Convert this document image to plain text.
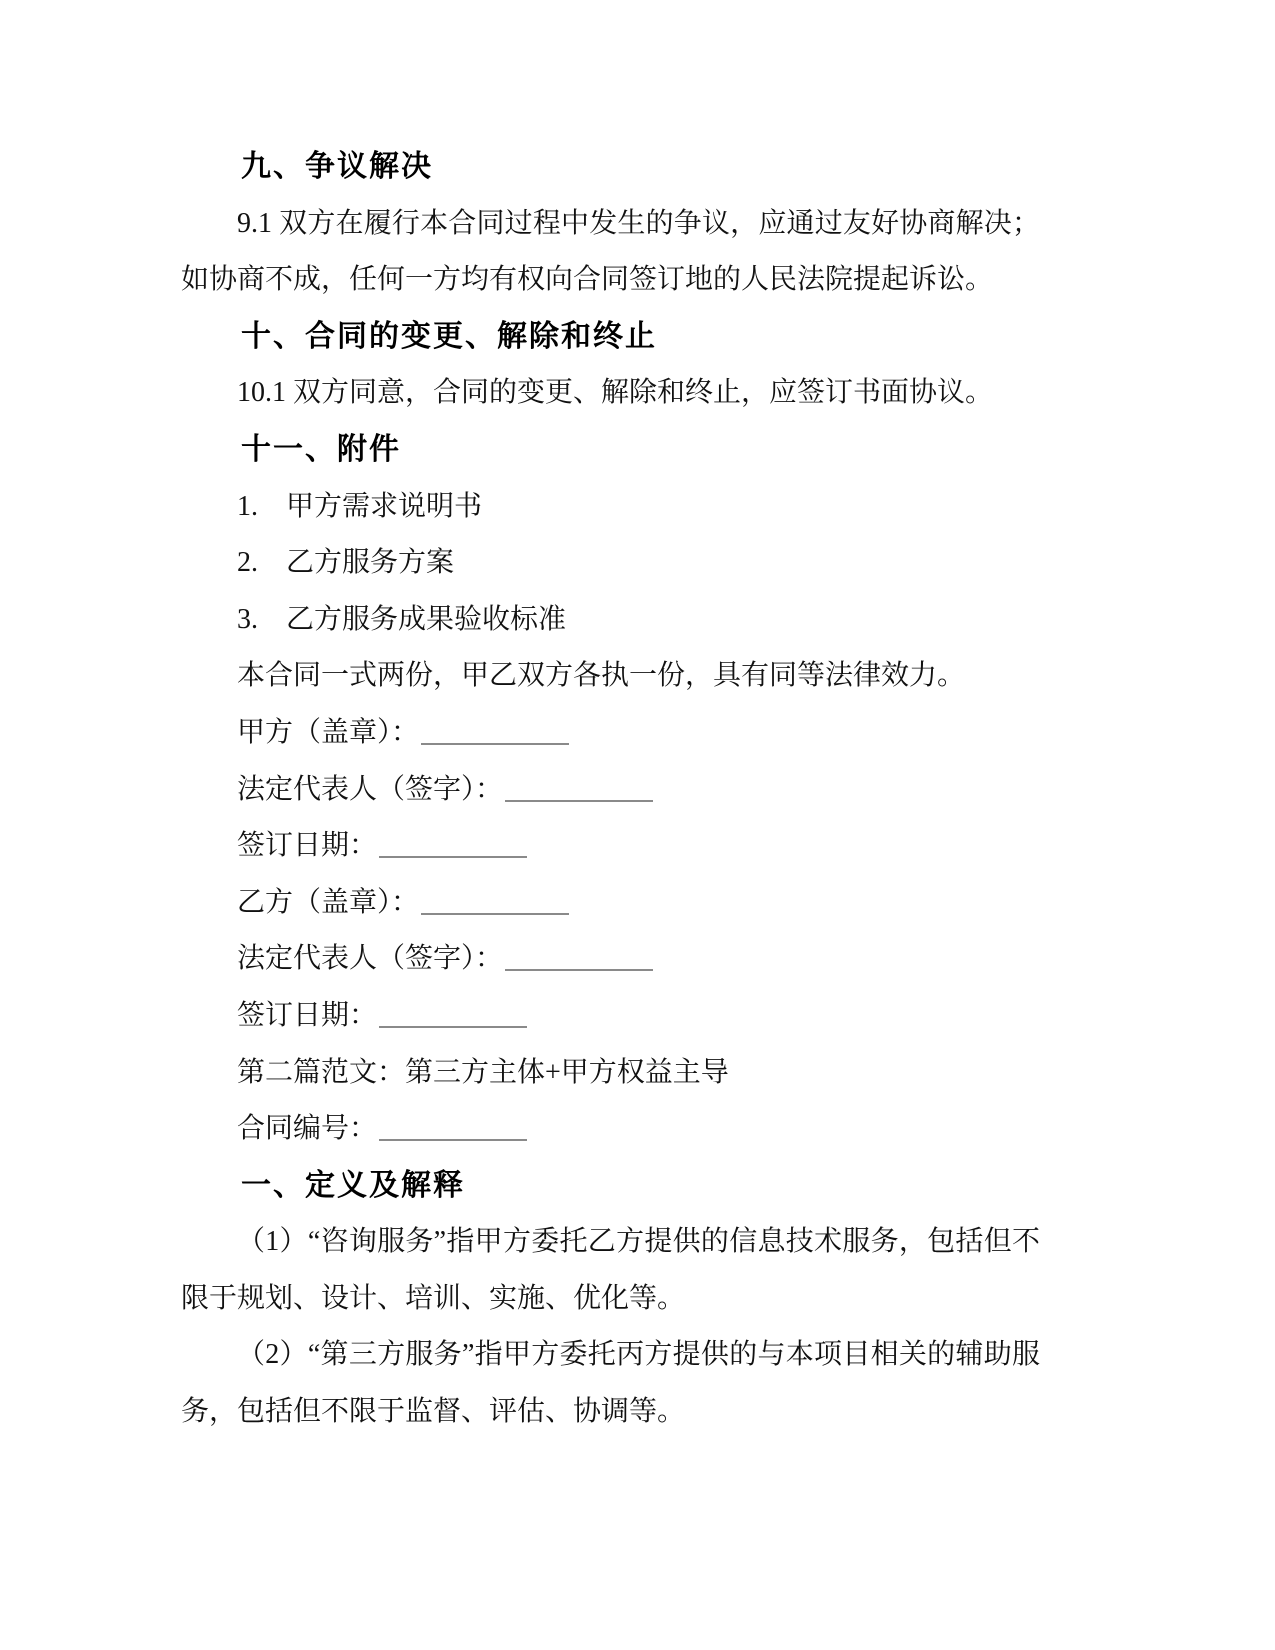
九、争议解决

9.1 双方在履行本合同过程中发生的争议，应通过友好协商解决；如协商不成，任何一方均有权向合同签订地的人民法院提起诉讼。

十、合同的变更、解除和终止

10.1 双方同意，合同的变更、解除和终止，应签订书面协议。

十一、附件

1.　甲方需求说明书

2.　乙方服务方案

3.　乙方服务成果验收标准

本合同一式两份，甲乙双方各执一份，具有同等法律效力。

甲方（盖章）：

法定代表人（签字）：

签订日期：

乙方（盖章）：

法定代表人（签字）：

签订日期：

第二篇范文：第三方主体+甲方权益主导

合同编号：

一、定义及解释

（1）“咨询服务”指甲方委托乙方提供的信息技术服务，包括但不限于规划、设计、培训、实施、优化等。

（2）“第三方服务”指甲方委托丙方提供的与本项目相关的辅助服务，包括但不限于监督、评估、协调等。
